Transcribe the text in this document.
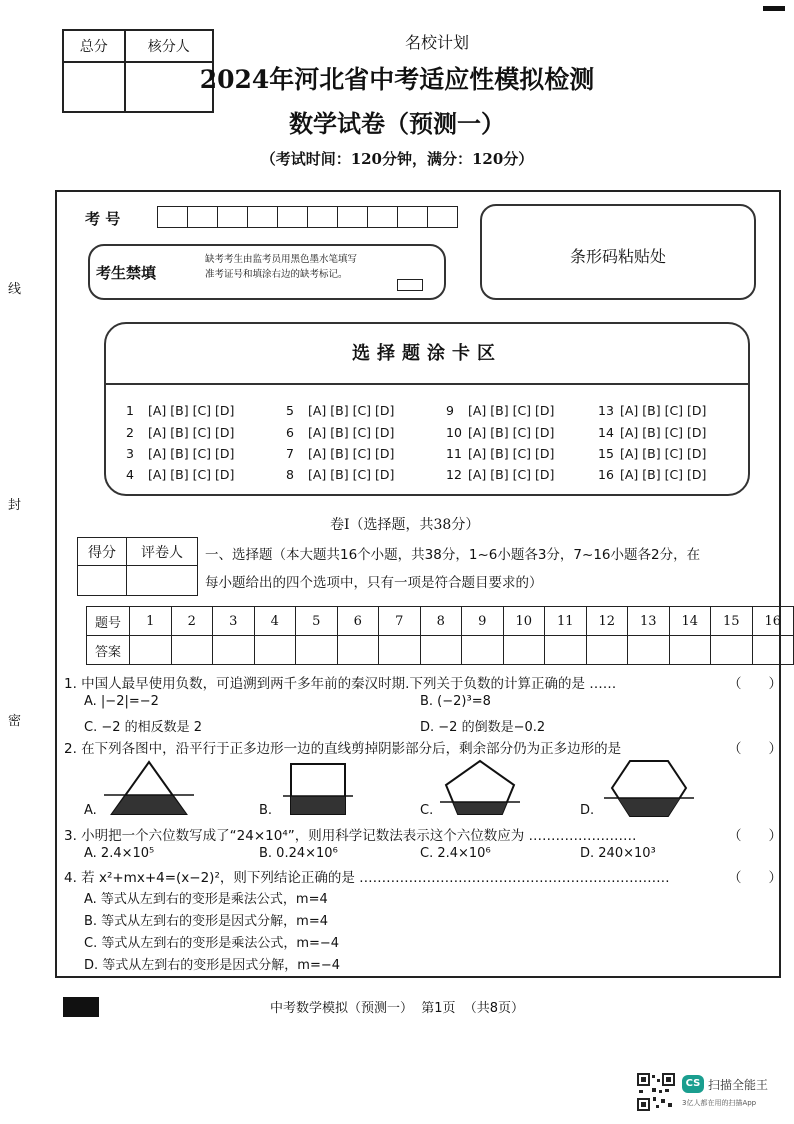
总分	核分人
		名校计划
2024年河北省中考适应性模拟检测
数学试卷（预测一）
（考试时间：120分钟，满分：120分）
线
封
密
考 号
考生禁填
缺考考生由监考员用黑色墨水笔填写准考证号和填涂右边的缺考标记。
条形码粘贴处
选择题涂卡区
1 [A] [B] [C] [D]
2 [A] [B] [C] [D]
3 [A] [B] [C] [D]
4 [A] [B] [C] [D]
5 [A] [B] [C] [D]
6 [A] [B] [C] [D]
7 [A] [B] [C] [D]
8 [A] [B] [C] [D]
9 [A] [B] [C] [D]
10 [A] [B] [C] [D]
11 [A] [B] [C] [D]
12 [A] [B] [C] [D]
13 [A] [B] [C] [D]
14 [A] [B] [C] [D]
15 [A] [B] [C] [D]
16 [A] [B] [C] [D]
卷Ⅰ（选择题，共38分）
得分	评卷人
	一、选择题（本大题共16个小题，共38分，1~6小题各3分，7~16小题各2分，在
每小题给出的四个选项中，只有一项是符合题目要求的）
题号	1	2	3	4	5	6	7	8	9	10	11	12	13	14	15	16
答案																
1. 中国人最早使用负数，可追溯到两千多年前的秦汉时期.下列关于负数的计算正确的是 ……	（　　）
A. |−2|=−2	B. (−2)³=8
C. −2 的相反数是 2	D. −2 的倒数是−0.2
2. 在下列各图中，沿平行于正多边形一边的直线剪掉阴影部分后，剩余部分仍为正多边形的是	（　　）
A.	B.	C.	D.
3. 小明把一个六位数写成了“24×10⁴”，则用科学记数法表示这个六位数应为 ……………………	（　　）
A. 2.4×10⁵	B. 0.24×10⁶	C. 2.4×10⁶	D. 240×10³
4. 若 x²+mx+4=(x−2)²，则下列结论正确的是 ……………………………………………………………	（　　）
A. 等式从左到右的变形是乘法公式，m=4
B. 等式从左到右的变形是因式分解，m=4
C. 等式从左到右的变形是乘法公式，m=−4
D. 等式从左到右的变形是因式分解，m=−4
中考数学模拟（预测一）  第1页  （共8页）
CS 扫描全能王
3亿人都在用的扫描App
